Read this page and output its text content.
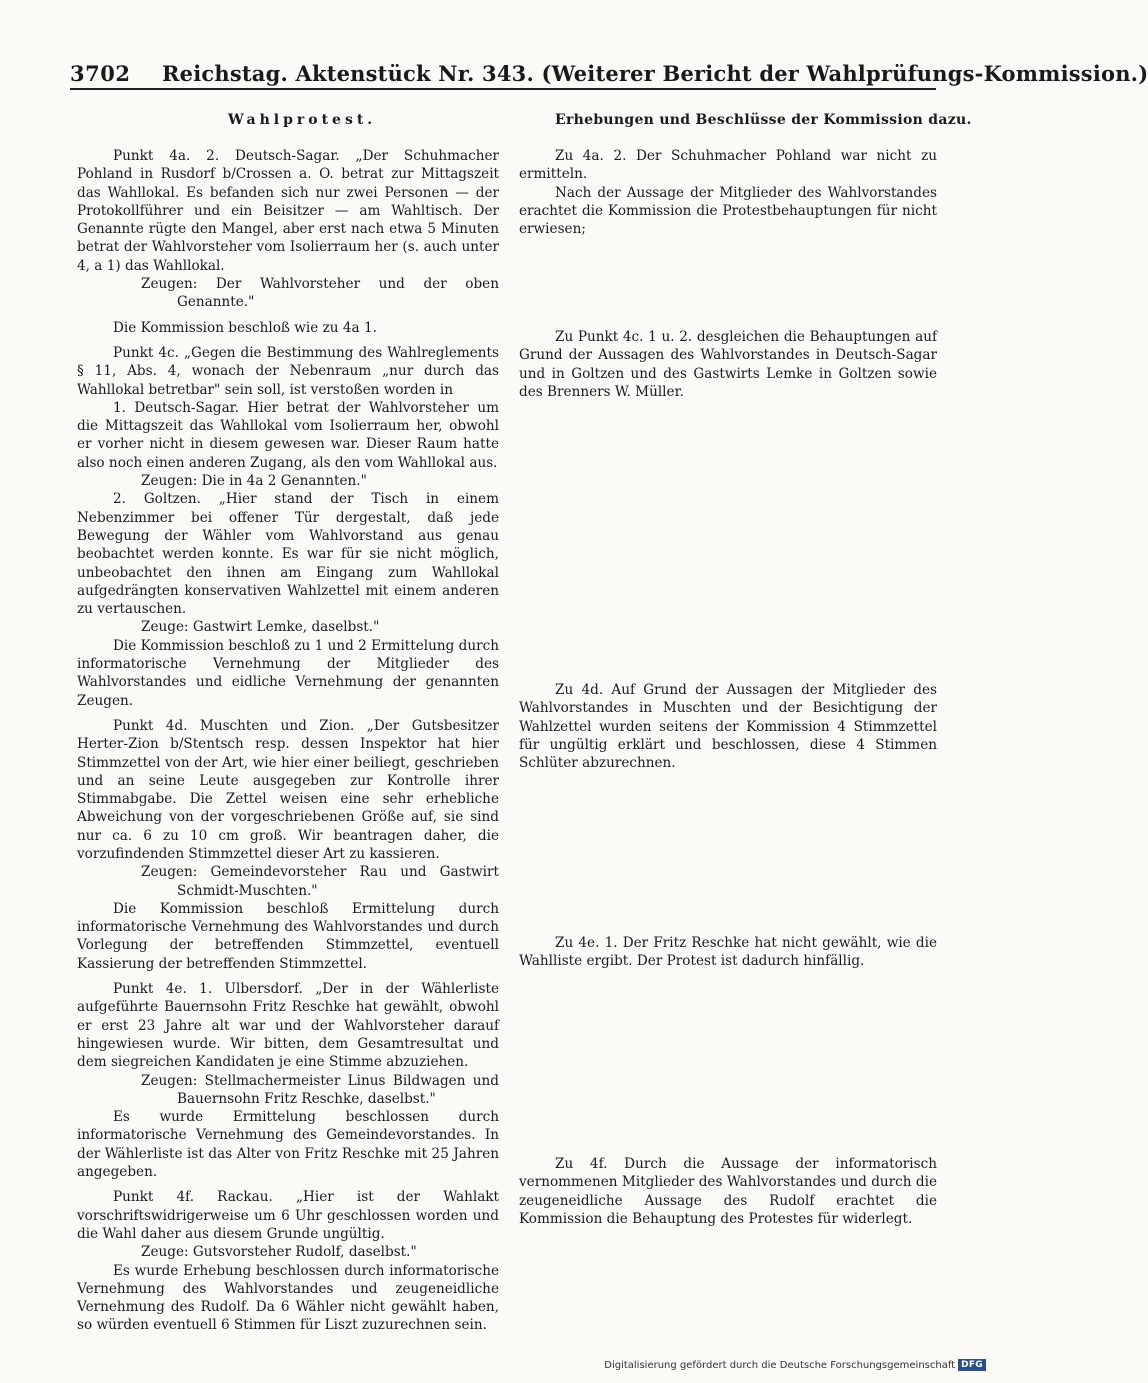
3702 Reichstag. Aktenstück Nr. 343. (Weiterer Bericht der Wahlprüfungs-Kommission.)
Wahlprotest.	Erhebungen und Beschlüsse der Kommission dazu.

Punkt 4a. 2. Deutsch-Sagar. „Der Schuhmacher Pohland in Rusdorf b/Crossen a. O. betrat zur Mittagszeit das Wahllokal. Es befanden sich nur zwei Personen — der Protokollführer und ein Beisitzer — am Wahltisch. Der Genannte rügte den Mangel, aber erst nach etwa 5 Minuten betrat der Wahlvorsteher vom Isolierraum her (s. auch unter 4, a 1) das Wahllokal.

Zeugen: Der Wahlvorsteher und der oben Genannte."

Die Kommission beschloß wie zu 4a 1.

Punkt 4c. „Gegen die Bestimmung des Wahlreglements § 11, Abs. 4, wonach der Nebenraum „nur durch das Wahllokal betretbar" sein soll, ist verstoßen worden in

1. Deutsch-Sagar. Hier betrat der Wahlvorsteher um die Mittagszeit das Wahllokal vom Isolierraum her, obwohl er vorher nicht in diesem gewesen war. Dieser Raum hatte also noch einen anderen Zugang, als den vom Wahllokal aus.

Zeugen: Die in 4a 2 Genannten."

2. Goltzen. „Hier stand der Tisch in einem Nebenzimmer bei offener Tür dergestalt, daß jede Bewegung der Wähler vom Wahlvorstand aus genau beobachtet werden konnte. Es war für sie nicht möglich, unbeobachtet den ihnen am Eingang zum Wahllokal aufgedrängten konservativen Wahlzettel mit einem anderen zu vertauschen.

Zeuge: Gastwirt Lemke, daselbst."

Die Kommission beschloß zu 1 und 2 Ermittelung durch informatorische Vernehmung der Mitglieder des Wahlvorstandes und eidliche Vernehmung der genannten Zeugen.

Punkt 4d. Muschten und Zion. „Der Gutsbesitzer Herter-Zion b/Stentsch resp. dessen Inspektor hat hier Stimmzettel von der Art, wie hier einer beiliegt, geschrieben und an seine Leute ausgegeben zur Kontrolle ihrer Stimmabgabe. Die Zettel weisen eine sehr erhebliche Abweichung von der vorgeschriebenen Größe auf, sie sind nur ca. 6 zu 10 cm groß. Wir beantragen daher, die vorzufindenden Stimmzettel dieser Art zu kassieren.

Zeugen: Gemeindevorsteher Rau und Gastwirt Schmidt-Muschten."

Die Kommission beschloß Ermittelung durch informatorische Vernehmung des Wahlvorstandes und durch Vorlegung der betreffenden Stimmzettel, eventuell Kassierung der betreffenden Stimmzettel.

Punkt 4e. 1. Ulbersdorf. „Der in der Wählerliste aufgeführte Bauernsohn Fritz Reschke hat gewählt, obwohl er erst 23 Jahre alt war und der Wahlvorsteher darauf hingewiesen wurde. Wir bitten, dem Gesamtresultat und dem siegreichen Kandidaten je eine Stimme abzuziehen.

Zeugen: Stellmachermeister Linus Bildwagen und Bauernsohn Fritz Reschke, daselbst."

Es wurde Ermittelung beschlossen durch informatorische Vernehmung des Gemeindevorstandes. In der Wählerliste ist das Alter von Fritz Reschke mit 25 Jahren angegeben.

Punkt 4f. Rackau. „Hier ist der Wahlakt vorschriftswidrigerweise um 6 Uhr geschlossen worden und die Wahl daher aus diesem Grunde ungültig.

Zeuge: Gutsvorsteher Rudolf, daselbst."

Es wurde Erhebung beschlossen durch informatorische Vernehmung des Wahlvorstandes und zeugeneidliche Vernehmung des Rudolf. Da 6 Wähler nicht gewählt haben, so würden eventuell 6 Stimmen für Liszt zuzurechnen sein.

Zu 4a. 2. Der Schuhmacher Pohland war nicht zu ermitteln.

Nach der Aussage der Mitglieder des Wahlvorstandes erachtet die Kommission die Protestbehauptungen für nicht erwiesen;

Zu Punkt 4c. 1 u. 2. desgleichen die Behauptungen auf Grund der Aussagen des Wahlvorstandes in Deutsch-Sagar und in Goltzen und des Gastwirts Lemke in Goltzen sowie des Brenners W. Müller.

Zu 4d. Auf Grund der Aussagen der Mitglieder des Wahlvorstandes in Muschten und der Besichtigung der Wahlzettel wurden seitens der Kommission 4 Stimmzettel für ungültig erklärt und beschlossen, diese 4 Stimmen Schlüter abzurechnen.

Zu 4e. 1. Der Fritz Reschke hat nicht gewählt, wie die Wahlliste ergibt. Der Protest ist dadurch hinfällig.

Zu 4f. Durch die Aussage der informatorisch vernommenen Mitglieder des Wahlvorstandes und durch die zeugeneidliche Aussage des Rudolf erachtet die Kommission die Behauptung des Protestes für widerlegt.

Digitalisierung gefördert durch die Deutsche Forschungsgemeinschaft DFG
